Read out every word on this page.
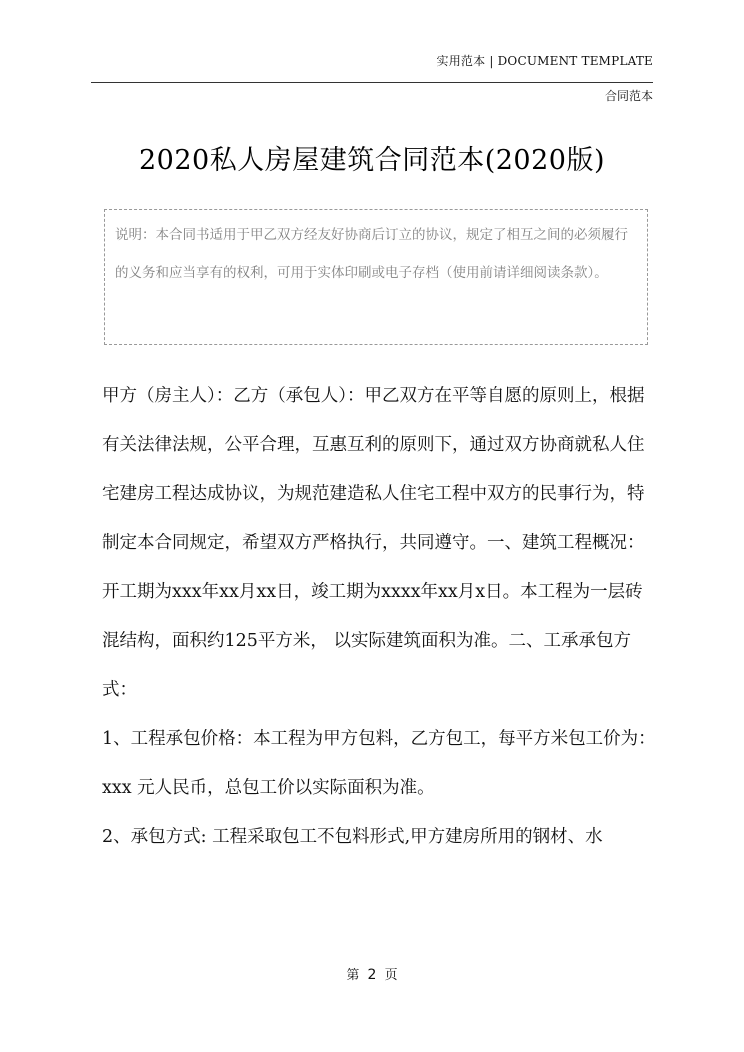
实用范本 | DOCUMENT TEMPLATE
合同范本
2020私人房屋建筑合同范本(2020版)
说明：本合同书适用于甲乙双方经友好协商后订立的协议，规定了相互之间的必须履行的义务和应当享有的权利，可用于实体印刷或电子存档（使用前请详细阅读条款）。

甲方（房主人）：乙方（承包人）：甲乙双方在平等自愿的原则上，根据有关法律法规，公平合理，互惠互利的原则下，通过双方协商就私人住宅建房工程达成协议，为规范建造私人住宅工程中双方的民事行为，特制定本合同规定，希望双方严格执行，共同遵守。一、建筑工程概况：

开工期为xxx年xx月xx日，竣工期为xxxx年xx月x日。本工程为一层砖混结构，面积约125平方米， 以实际建筑面积为准。二、工承承包方式：

1、工程承包价格：本工程为甲方包料，乙方包工，每平方米包工价为：xxx 元人民币，总包工价以实际面积为准。

2、承包方式: 工程采取包工不包料形式,甲方建房所用的钢材、水

第 2 页
